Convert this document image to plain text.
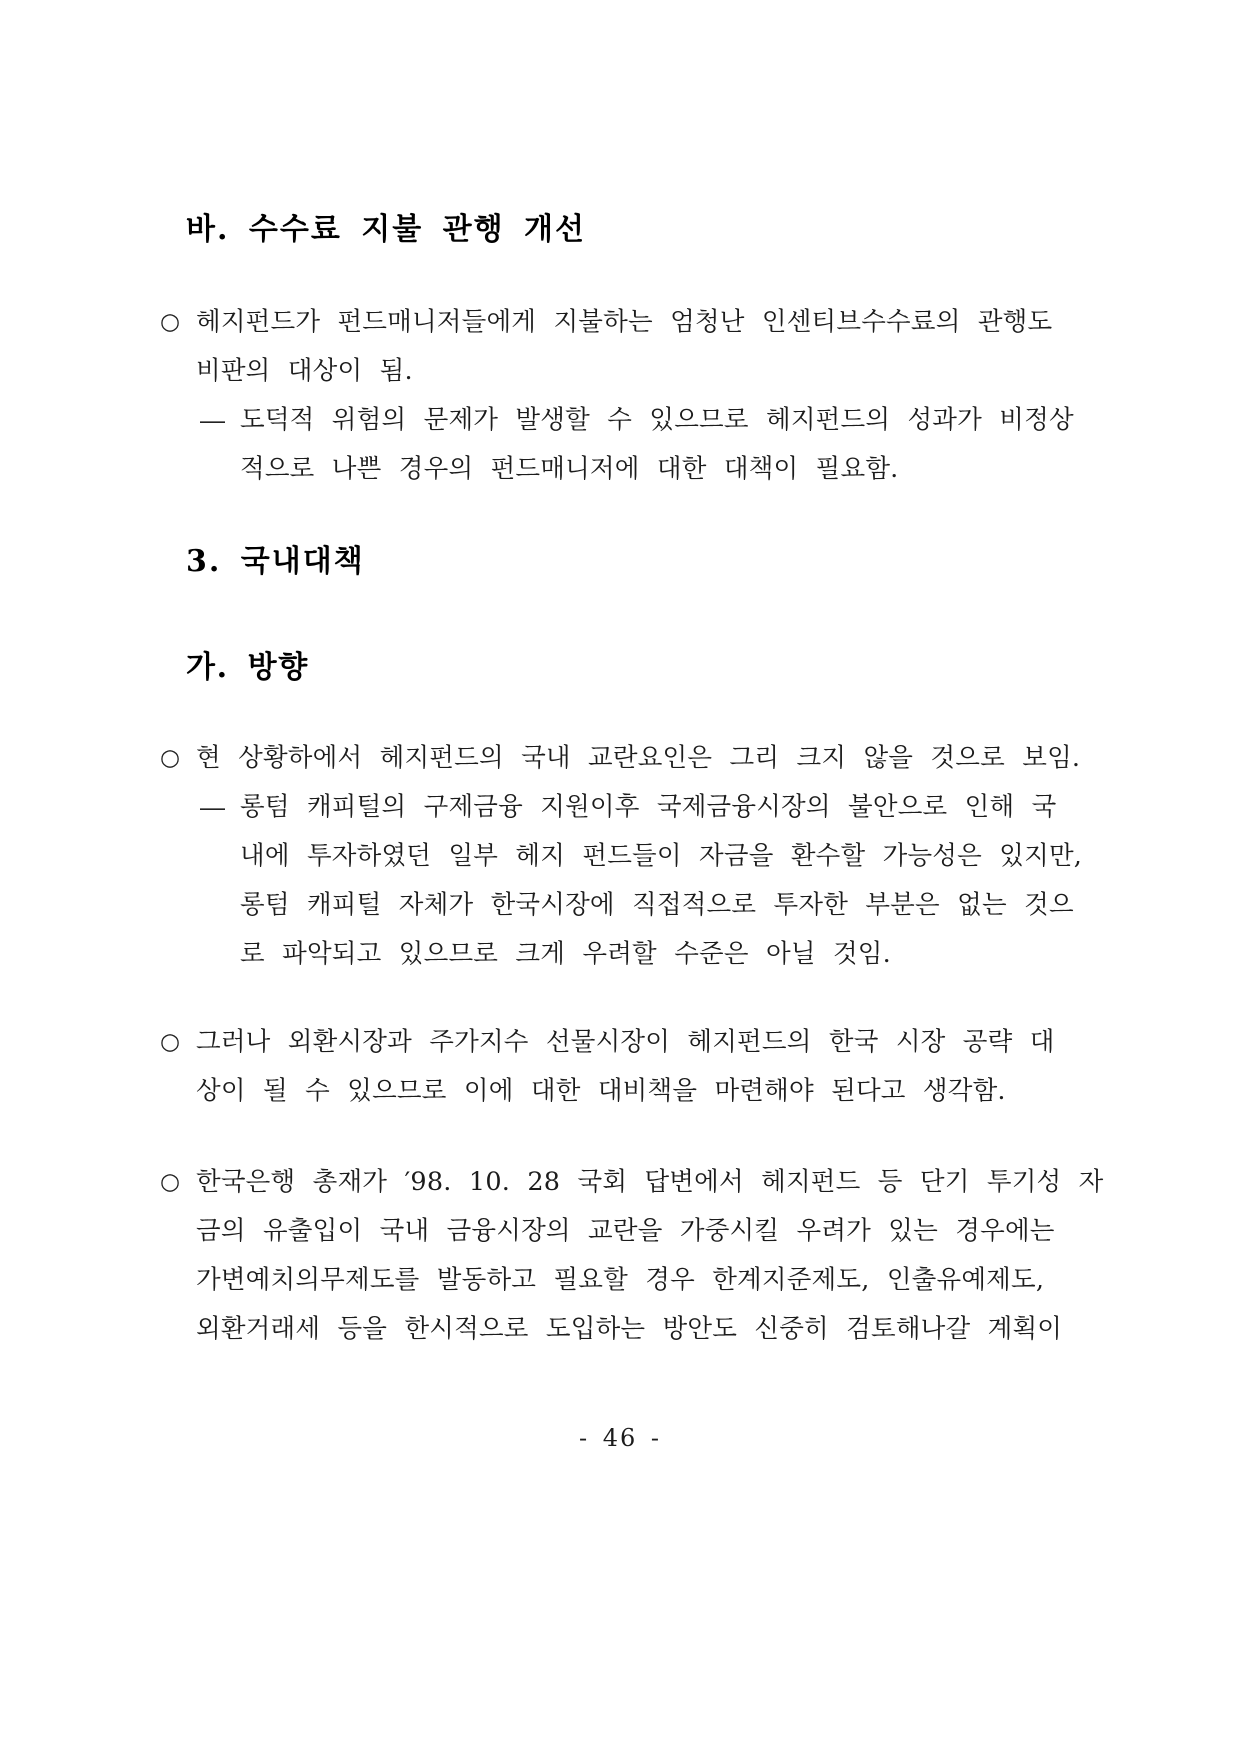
바. 수수료 지불 관행 개선
○ 헤지펀드가 펀드매니저들에게 지불하는 엄청난 인센티브수수료의 관행도
비판의 대상이 됨.
― 도덕적 위험의 문제가 발생할 수 있으므로 헤지펀드의 성과가 비정상
적으로 나쁜 경우의 펀드매니저에 대한 대책이 필요함.
3. 국내대책
가. 방향
○ 현 상황하에서 헤지펀드의 국내 교란요인은 그리 크지 않을 것으로 보임.
― 롱텀 캐피털의 구제금융 지원이후 국제금융시장의 불안으로 인해 국
내에 투자하였던 일부 헤지 펀드들이 자금을 환수할 가능성은 있지만,
롱텀 캐피털 자체가 한국시장에 직접적으로 투자한 부분은 없는 것으
로 파악되고 있으므로 크게 우려할 수준은 아닐 것임.
○ 그러나 외환시장과 주가지수 선물시장이 헤지펀드의 한국 시장 공략 대
상이 될 수 있으므로 이에 대한 대비책을 마련해야 된다고 생각함.
○ 한국은행 총재가 ′98. 10. 28 국회 답변에서 헤지펀드 등 단기 투기성 자
금의 유출입이 국내 금융시장의 교란을 가중시킬 우려가 있는 경우에는
가변예치의무제도를 발동하고 필요할 경우 한계지준제도, 인출유예제도,
외환거래세 등을 한시적으로 도입하는 방안도 신중히 검토해나갈 계획이
- 46 -
